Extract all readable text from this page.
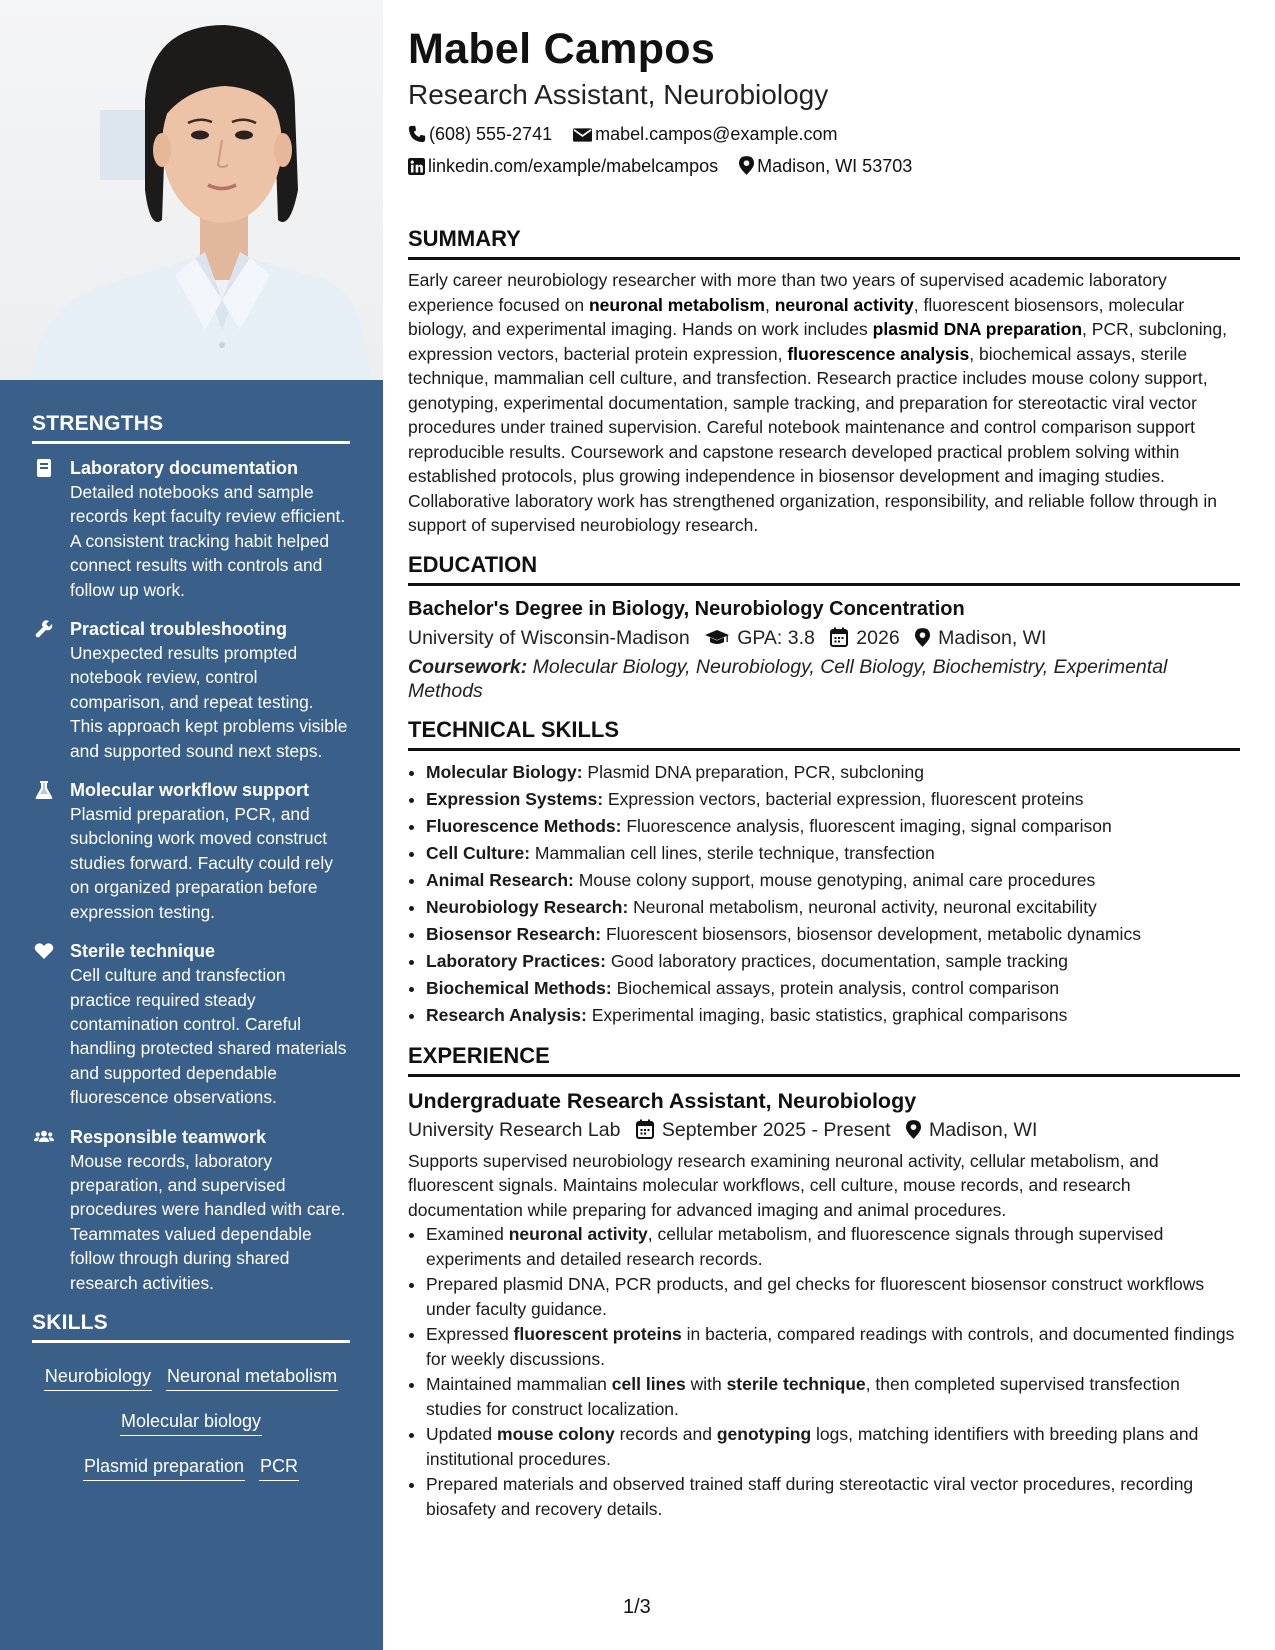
STRENGTHS
Laboratory documentation
Detailed notebooks and sample records kept faculty review efficient. A consistent tracking habit helped connect results with controls and follow up work.
Practical troubleshooting
Unexpected results prompted notebook review, control comparison, and repeat testing. This approach kept problems visible and supported sound next steps.
Molecular workflow support
Plasmid preparation, PCR, and subcloning work moved construct studies forward. Faculty could rely on organized preparation before expression testing.
Sterile technique
Cell culture and transfection practice required steady contamination control. Careful handling protected shared materials and supported dependable fluorescence observations.
Responsible teamwork
Mouse records, laboratory preparation, and supervised procedures were handled with care. Teammates valued dependable follow through during shared research activities.
SKILLS
Neurobiology Neuronal metabolism
Molecular biology
Plasmid preparation PCR
Mabel Campos
Research Assistant, Neurobiology
(608) 555-2741 mabel.campos@example.com
linkedin.com/example/mabelcampos Madison, WI 53703
SUMMARY
Early career neurobiology researcher with more than two years of supervised academic laboratory experience focused on neuronal metabolism, neuronal activity, fluorescent biosensors, molecular biology, and experimental imaging. Hands on work includes plasmid DNA preparation, PCR, subcloning, expression vectors, bacterial protein expression, fluorescence analysis, biochemical assays, sterile technique, mammalian cell culture, and transfection. Research practice includes mouse colony support, genotyping, experimental documentation, sample tracking, and preparation for stereotactic viral vector procedures under trained supervision. Careful notebook maintenance and control comparison support reproducible results. Coursework and capstone research developed practical problem solving within established protocols, plus growing independence in biosensor development and imaging studies. Collaborative laboratory work has strengthened organization, responsibility, and reliable follow through in support of supervised neurobiology research.
EDUCATION
Bachelor's Degree in Biology, Neurobiology Concentration
University of Wisconsin-Madison GPA: 3.8 2026 Madison, WI
Coursework: Molecular Biology, Neurobiology, Cell Biology, Biochemistry, Experimental Methods
TECHNICAL SKILLS
• Molecular Biology: Plasmid DNA preparation, PCR, subcloning
• Expression Systems: Expression vectors, bacterial expression, fluorescent proteins
• Fluorescence Methods: Fluorescence analysis, fluorescent imaging, signal comparison
• Cell Culture: Mammalian cell lines, sterile technique, transfection
• Animal Research: Mouse colony support, mouse genotyping, animal care procedures
• Neurobiology Research: Neuronal metabolism, neuronal activity, neuronal excitability
• Biosensor Research: Fluorescent biosensors, biosensor development, metabolic dynamics
• Laboratory Practices: Good laboratory practices, documentation, sample tracking
• Biochemical Methods: Biochemical assays, protein analysis, control comparison
• Research Analysis: Experimental imaging, basic statistics, graphical comparisons
EXPERIENCE
Undergraduate Research Assistant, Neurobiology
University Research Lab September 2025 - Present Madison, WI
Supports supervised neurobiology research examining neuronal activity, cellular metabolism, and fluorescent signals. Maintains molecular workflows, cell culture, mouse records, and research documentation while preparing for advanced imaging and animal procedures.
• Examined neuronal activity, cellular metabolism, and fluorescence signals through supervised experiments and detailed research records.
• Prepared plasmid DNA, PCR products, and gel checks for fluorescent biosensor construct workflows under faculty guidance.
• Expressed fluorescent proteins in bacteria, compared readings with controls, and documented findings for weekly discussions.
• Maintained mammalian cell lines with sterile technique, then completed supervised transfection studies for construct localization.
• Updated mouse colony records and genotyping logs, matching identifiers with breeding plans and institutional procedures.
• Prepared materials and observed trained staff during stereotactic viral vector procedures, recording biosafety and recovery details.
1/3
